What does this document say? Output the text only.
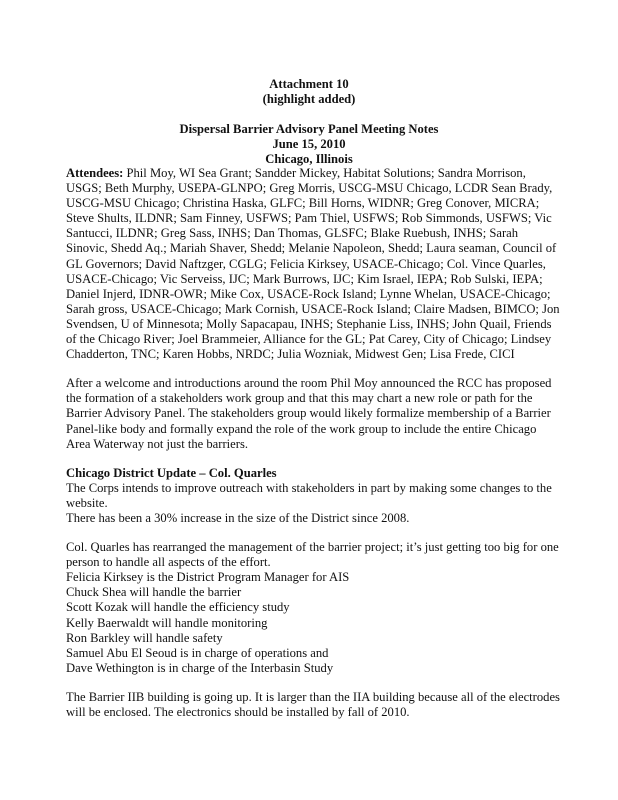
Attachment 10
(highlight added)
Dispersal Barrier Advisory Panel Meeting Notes
June 15, 2010
Chicago, Illinois

Attendees: Phil Moy, WI Sea Grant; Sandder Mickey, Habitat Solutions; Sandra Morrison, USGS; Beth Murphy, USEPA-GLNPO; Greg Morris, USCG-MSU Chicago, LCDR Sean Brady, USCG-MSU Chicago; Christina Haska, GLFC; Bill Horns, WIDNR; Greg Conover, MICRA; Steve Shults, ILDNR; Sam Finney, USFWS; Pam Thiel, USFWS; Rob Simmonds, USFWS; Vic Santucci, ILDNR; Greg Sass, INHS; Dan Thomas, GLSFC; Blake Ruebush, INHS; Sarah Sinovic, Shedd Aq.; Mariah Shaver, Shedd; Melanie Napoleon, Shedd; Laura seaman, Council of GL Governors; David Naftzger, CGLG; Felicia Kirksey, USACE-Chicago; Col. Vince Quarles, USACE-Chicago; Vic Serveiss, IJC; Mark Burrows, IJC; Kim Israel, IEPA; Rob Sulski, IEPA; Daniel Injerd, IDNR-OWR; Mike Cox, USACE-Rock Island; Lynne Whelan, USACE-Chicago; Sarah gross, USACE-Chicago; Mark Cornish, USACE-Rock Island; Claire Madsen, BIMCO; Jon Svendsen, U of Minnesota; Molly Sapacapau, INHS; Stephanie Liss, INHS; John Quail, Friends of the Chicago River; Joel Brammeier, Alliance for the GL; Pat Carey, City of Chicago; Lindsey Chadderton, TNC; Karen Hobbs, NRDC; Julia Wozniak, Midwest Gen; Lisa Frede, CICI

After a welcome and introductions around the room Phil Moy announced the RCC has proposed the formation of a stakeholders work group and that this may chart a new role or path for the Barrier Advisory Panel. The stakeholders group would likely formalize membership of a Barrier Panel-like body and formally expand the role of the work group to include the entire Chicago Area Waterway not just the barriers.

Chicago District Update – Col. Quarles

The Corps intends to improve outreach with stakeholders in part by making some changes to the website.

There has been a 30% increase in the size of the District since 2008.

Col. Quarles has rearranged the management of the barrier project; it’s just getting too big for one person to handle all aspects of the effort.

Felicia Kirksey is the District Program Manager for AIS

Chuck Shea will handle the barrier

Scott Kozak will handle the efficiency study

Kelly Baerwaldt will handle monitoring

Ron Barkley will handle safety

Samuel Abu El Seoud is in charge of operations and

Dave Wethington is in charge of the Interbasin Study

The Barrier IIB building is going up. It is larger than the IIA building because all of the electrodes will be enclosed. The electronics should be installed by fall of 2010.
